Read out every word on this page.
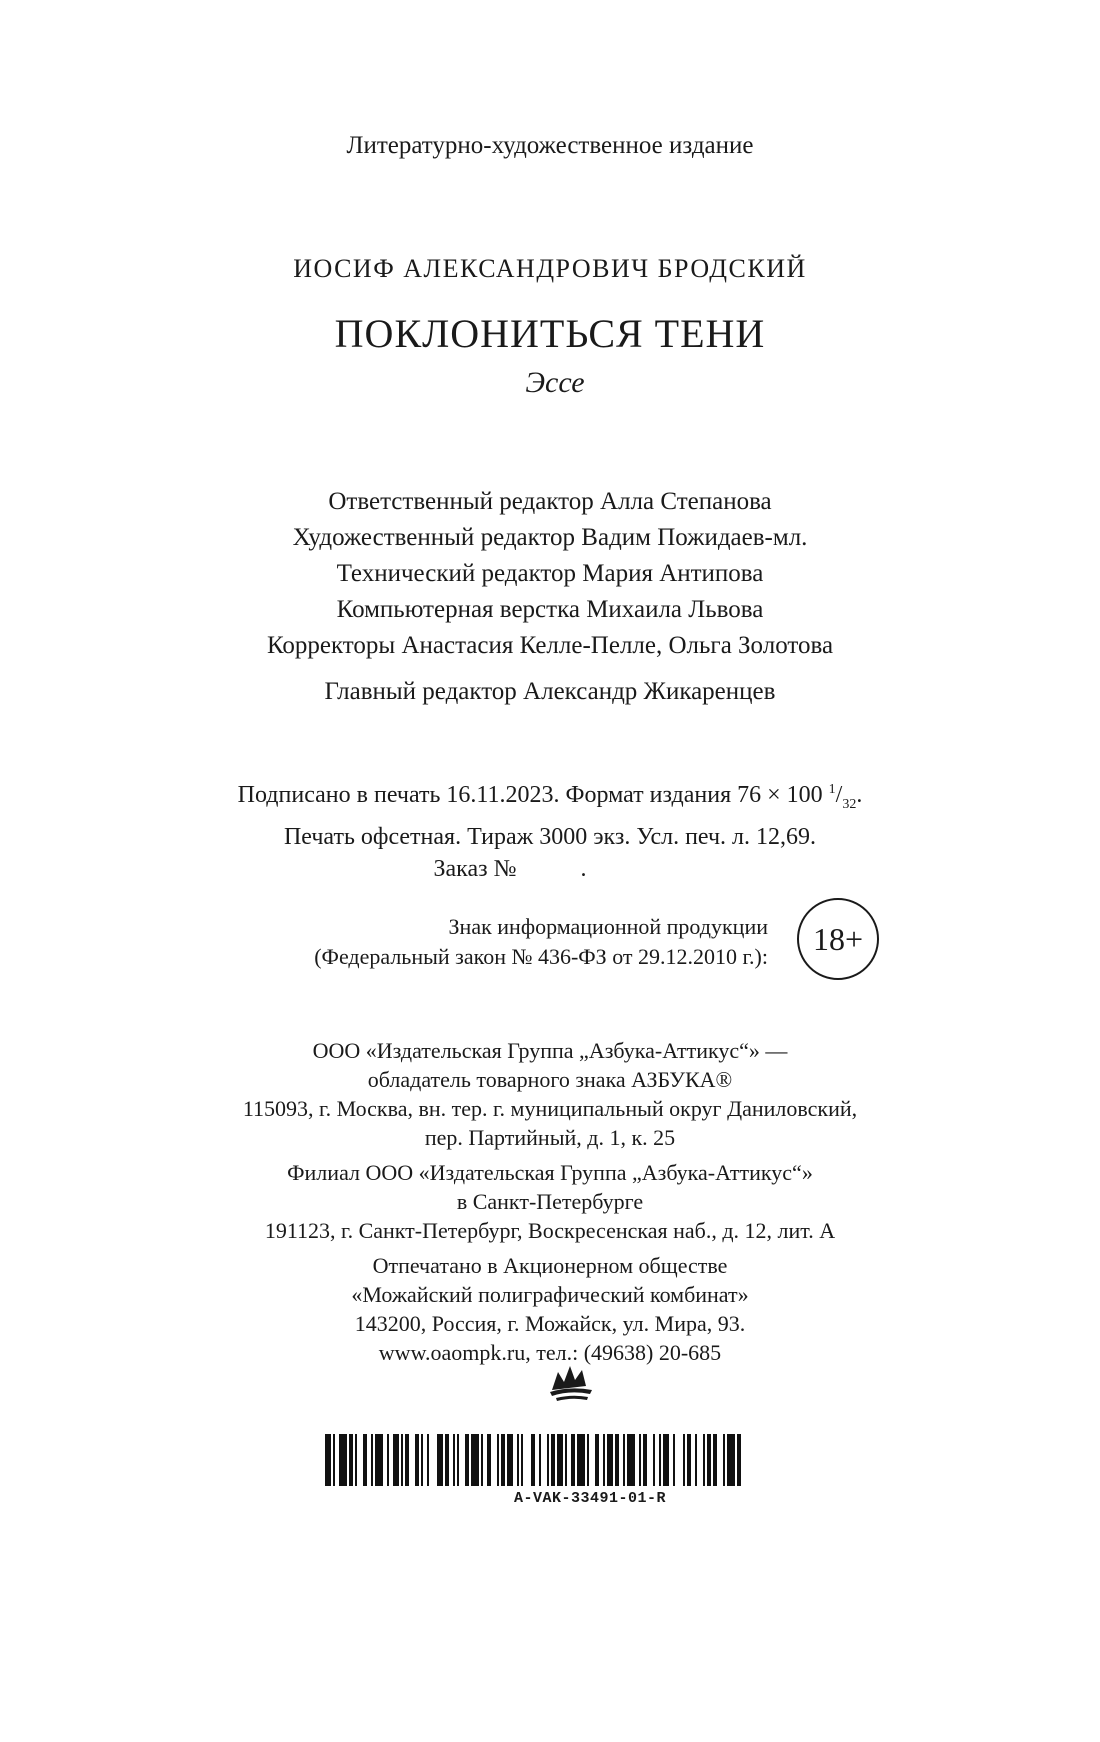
Литературно-художественное издание
ИОСИФ АЛЕКСАНДРОВИЧ БРОДСКИЙ
ПОКЛОНИТЬСЯ ТЕНИ
Эссе
Ответственный редактор Алла Степанова
Художественный редактор Вадим Пожидаев-мл.
Технический редактор Мария Антипова
Компьютерная верстка Михаила Львова
Корректоры Анастасия Келле-Пелле, Ольга Золотова
Главный редактор Александр Жикаренцев
Подписано в печать 16.11.2023. Формат издания 76 × 100 $^1/_{32}$.
Печать офсетная. Тираж 3000 экз. Усл. печ. л. 12,69.
Заказ №	.
Знак информационной продукции
(Федеральный закон № 436-ФЗ от 29.12.2010 г.):	18+
ООО «Издательская Группа „Азбука-Аттикус“» —
обладатель товарного знака АЗБУКА®
115093, г. Москва, вн. тер. г. муниципальный округ Даниловский,
пер. Партийный, д. 1, к. 25
Филиал ООО «Издательская Группа „Азбука-Аттикус“»
в Санкт-Петербурге
191123, г. Санкт-Петербург, Воскресенская наб., д. 12, лит. А
Отпечатано в Акционерном обществе
«Можайский полиграфический комбинат»
143200, Россия, г. Можайск, ул. Мира, 93.
www.oaompk.ru, тел.: (49638) 20-685
A-VAK-33491-01-R
